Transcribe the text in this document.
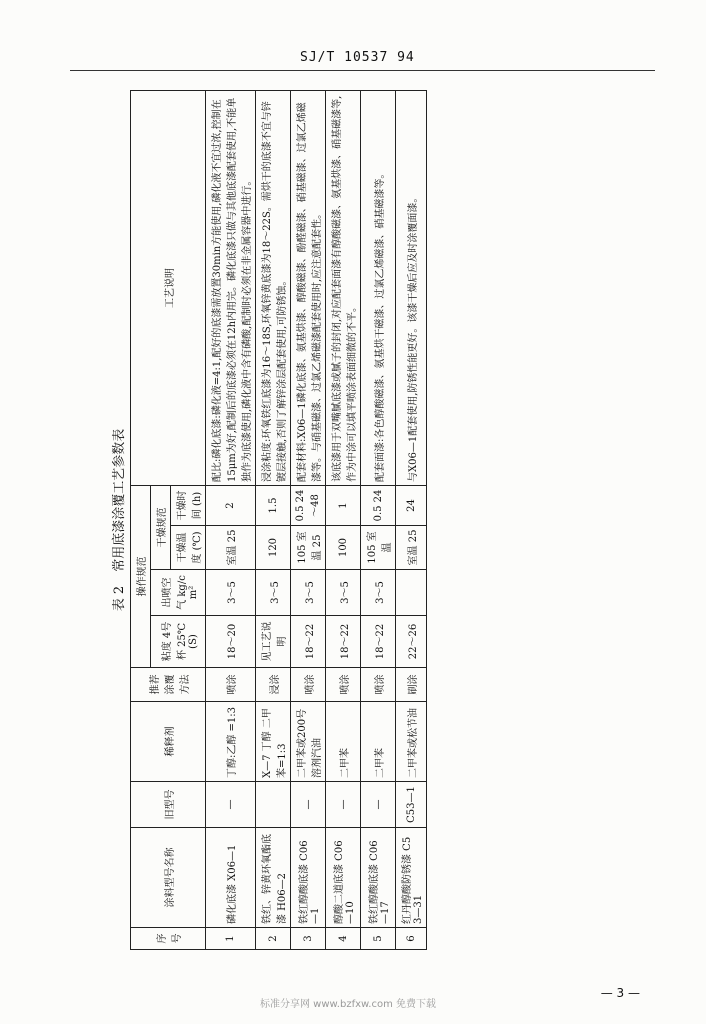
SJ/T 10537 94
表 2 常用底漆涂覆工艺参数表
序号	涂料型号名称	旧型号	稀释剂	推荐涂覆方法	操作规范				工艺说明
					粘度 4号杯 25℃(S)	出喷空气 kg/cm²	干燥规范		
							干燥温度 (℃)	干燥时间 (h)	
1	磷化底漆 X06—1	—	丁醇:乙醇 =1:3	喷涂	18～20	3～5	室温 25	2	配比:磷化底漆:磷化液=4:1,配好的底漆需放置30min方能使用,磷化液不宜过浓,控制在15μm为好,配制后的底漆必须在12h内用完。磷化底漆只做与其他底漆配套使用,不能单独作为底漆使用,磷化液中含有磷酸,配制时必须在非金属容器中进行。
2	铁红、锌黄环氧酯底漆 H06—2		X—7 丁醇 二甲苯=1:3	浸涂	见工艺说明	3～5	120	1.5	浸涂粘度:环氧铁红底漆为16～18S,环氧锌黄底漆为18～22S。需烘干的底漆不宜与锌镀层接触,否则了解锌涂层配套使用,可防锈蚀。
3	铁红醇酸底漆 C06—1	—	二甲苯或200号溶剂汽油	喷涂	18～22	3～5	105 室温 25	0.5 24～48	配套材料:X06—1磷化底漆、氨基烘漆、醇酸磁漆、酚醛磁漆、硝基磁漆、过氯乙烯磁漆等。与硝基磁漆、过氯乙烯磁漆配套使用时,应注意配套性。
4	醇酸二道底漆 C06—10	—	二甲苯	喷涂	18～22	3～5	100	1	该底漆用于双嘴腻底漆或腻子的封闭,对应配套面漆有醇酸磁漆、氨基烘漆、硝基磁漆等,作为中涂可以填平喷涂表面细微的不平。
5	铁红醇酸底漆 C06—17	—	二甲苯	喷涂	18～22	3～5	105 室温	0.5 24	配套面漆:各色醇酸磁漆、氨基烘干磁漆、过氯乙烯磁漆、硝基磁漆等。
6	红丹醇酸防锈漆 C53—31	C53—1	二甲苯或松节油	刷涂	22～26		室温 25	24	与X06—1配套使用,防锈性能更好。该漆干燥后应及时涂覆面漆。
— 3 —
标准分享网 www.bzfxw.com 免费下载
